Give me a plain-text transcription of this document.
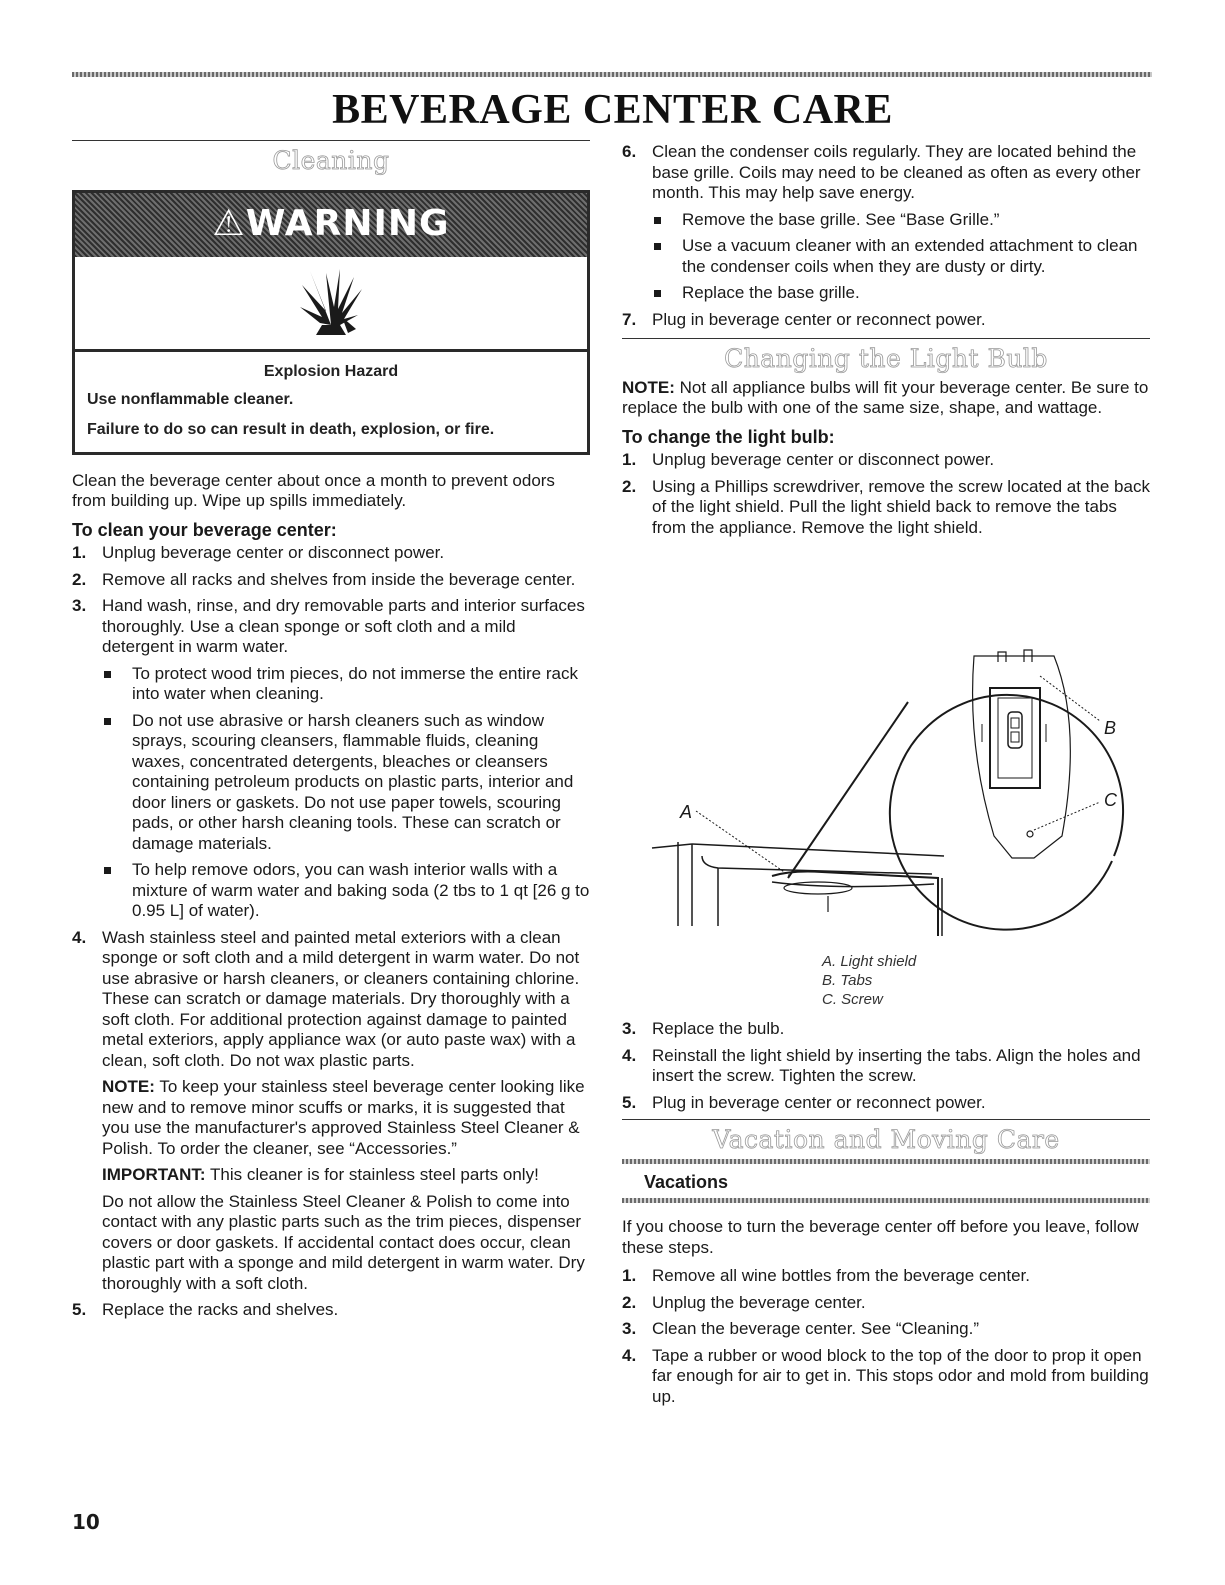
BEVERAGE CENTER CARE
Cleaning
⚠WARNING

Explosion Hazard

Use nonflammable cleaner.

Failure to do so can result in death, explosion, or fire.

Clean the beverage center about once a month to prevent odors from building up. Wipe up spills immediately.

To clean your beverage center:
1. Unplug beverage center or disconnect power.
2. Remove all racks and shelves from inside the beverage center.
3. Hand wash, rinse, and dry removable parts and interior surfaces thoroughly. Use a clean sponge or soft cloth and a mild detergent in warm water.
To protect wood trim pieces, do not immerse the entire rack into water when cleaning.
Do not use abrasive or harsh cleaners such as window sprays, scouring cleansers, flammable fluids, cleaning waxes, concentrated detergents, bleaches or cleansers containing petroleum products on plastic parts, interior and door liners or gaskets. Do not use paper towels, scouring pads, or other harsh cleaning tools. These can scratch or damage materials.
To help remove odors, you can wash interior walls with a mixture of warm water and baking soda (2 tbs to 1 qt [26 g to 0.95 L] of water).
4. Wash stainless steel and painted metal exteriors with a clean sponge or soft cloth and a mild detergent in warm water. Do not use abrasive or harsh cleaners, or cleaners containing chlorine. These can scratch or damage materials. Dry thoroughly with a soft cloth. For additional protection against damage to painted metal exteriors, apply appliance wax (or auto paste wax) with a clean, soft cloth. Do not wax plastic parts.

NOTE: To keep your stainless steel beverage center looking like new and to remove minor scuffs or marks, it is suggested that you use the manufacturer's approved Stainless Steel Cleaner & Polish. To order the cleaner, see “Accessories.”

IMPORTANT: This cleaner is for stainless steel parts only!

Do not allow the Stainless Steel Cleaner & Polish to come into contact with any plastic parts such as the trim pieces, dispenser covers or door gaskets. If accidental contact does occur, clean plastic part with a sponge and mild detergent in warm water. Dry thoroughly with a soft cloth.

5. Replace the racks and shelves.
6. Clean the condenser coils regularly. They are located behind the base grille. Coils may need to be cleaned as often as every other month. This may help save energy.
Remove the base grille. See “Base Grille.”
Use a vacuum cleaner with an extended attachment to clean the condenser coils when they are dusty or dirty.
Replace the base grille.
7. Plug in beverage center or reconnect power.
Changing the Light Bulb

NOTE: Not all appliance bulbs will fit your beverage center. Be sure to replace the bulb with one of the same size, shape, and wattage.

To change the light bulb:
1. Unplug beverage center or disconnect power.
2. Using a Phillips screwdriver, remove the screw located at the back of the light shield. Pull the light shield back to remove the tabs from the appliance. Remove the light shield.
A
B
C
A. Light shield
B. Tabs
C. Screw
3. Replace the bulb.
4. Reinstall the light shield by inserting the tabs. Align the holes and insert the screw. Tighten the screw.
5. Plug in beverage center or reconnect power.
Vacation and Moving Care
Vacations

If you choose to turn the beverage center off before you leave, follow these steps.

1. Remove all wine bottles from the beverage center.
2. Unplug the beverage center.
3. Clean the beverage center. See “Cleaning.”
4. Tape a rubber or wood block to the top of the door to prop it open far enough for air to get in. This stops odor and mold from building up.
10
